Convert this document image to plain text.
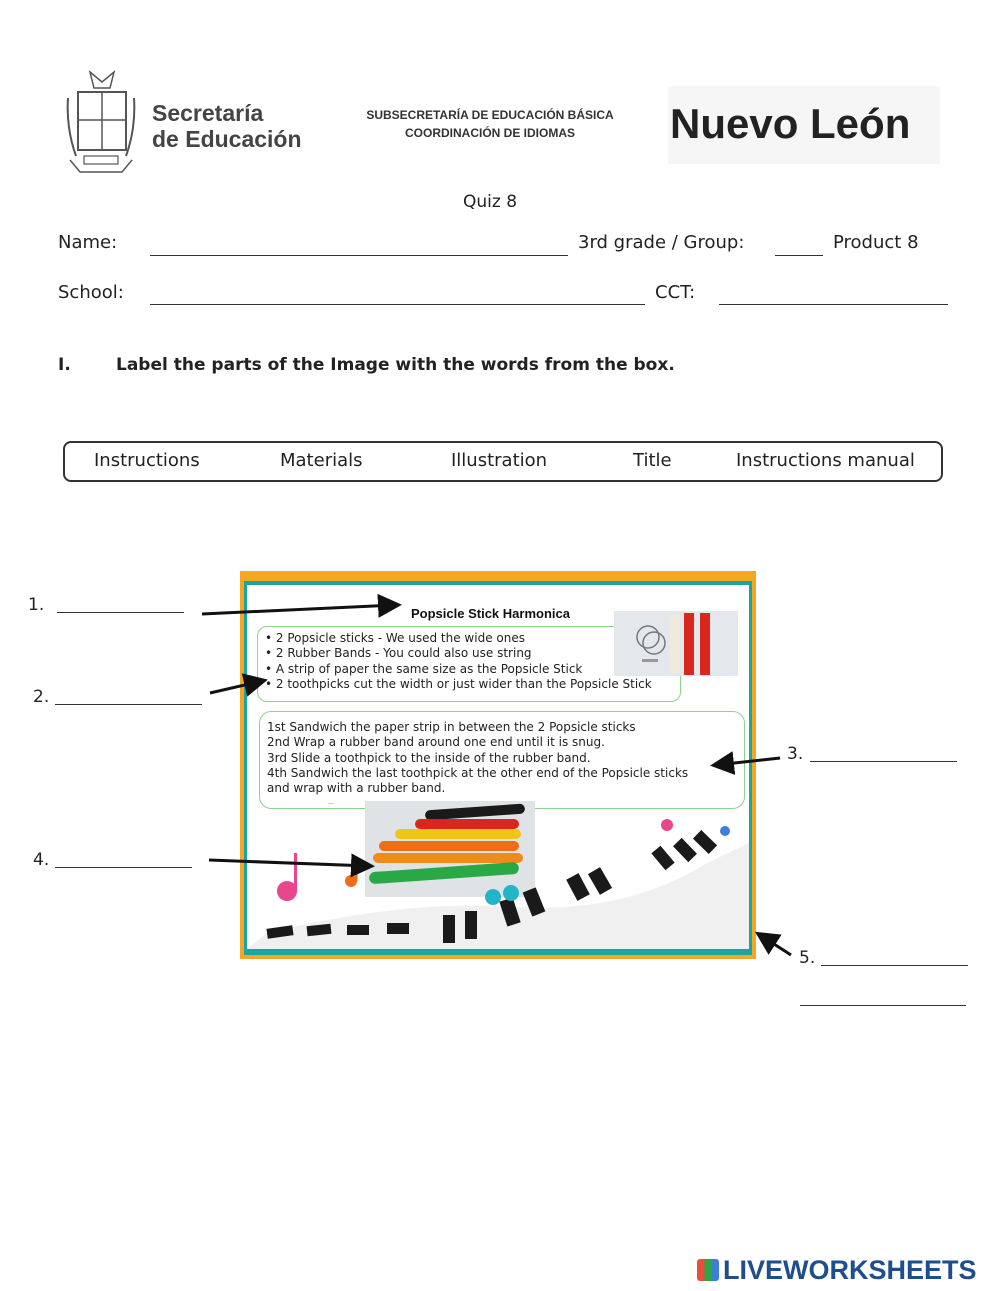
Secretaría
de Educación
SUBSECRETARÍA DE EDUCACIÓN BÁSICA
COORDINACIÓN DE IDIOMAS	Nuevo León
Quiz 8
Name:	3rd grade / Group:	Product 8
School:	CCT:
I.	Label the parts of the Image with the words from the box.
Instructions	Materials	Illustration	Title	Instructions manual
Popsicle Stick Harmonica
• 2 Popsicle sticks - We used the wide ones
• 2 Rubber Bands - You could also use string
• A strip of paper the same size as the Popsicle Stick
• 2 toothpicks cut the width or just wider than the Popsicle Stick
1st Sandwich the paper strip in between the 2 Popsicle sticks
2nd Wrap a rubber band around one end until it is snug.
3rd Slide a toothpick to the inside of the rubber band.
4th Sandwich the last toothpick at the other end of the Popsicle sticks
and wrap with a rubber band.
1.
2.
3.
4.
5.
LIVEWORKSHEETS
